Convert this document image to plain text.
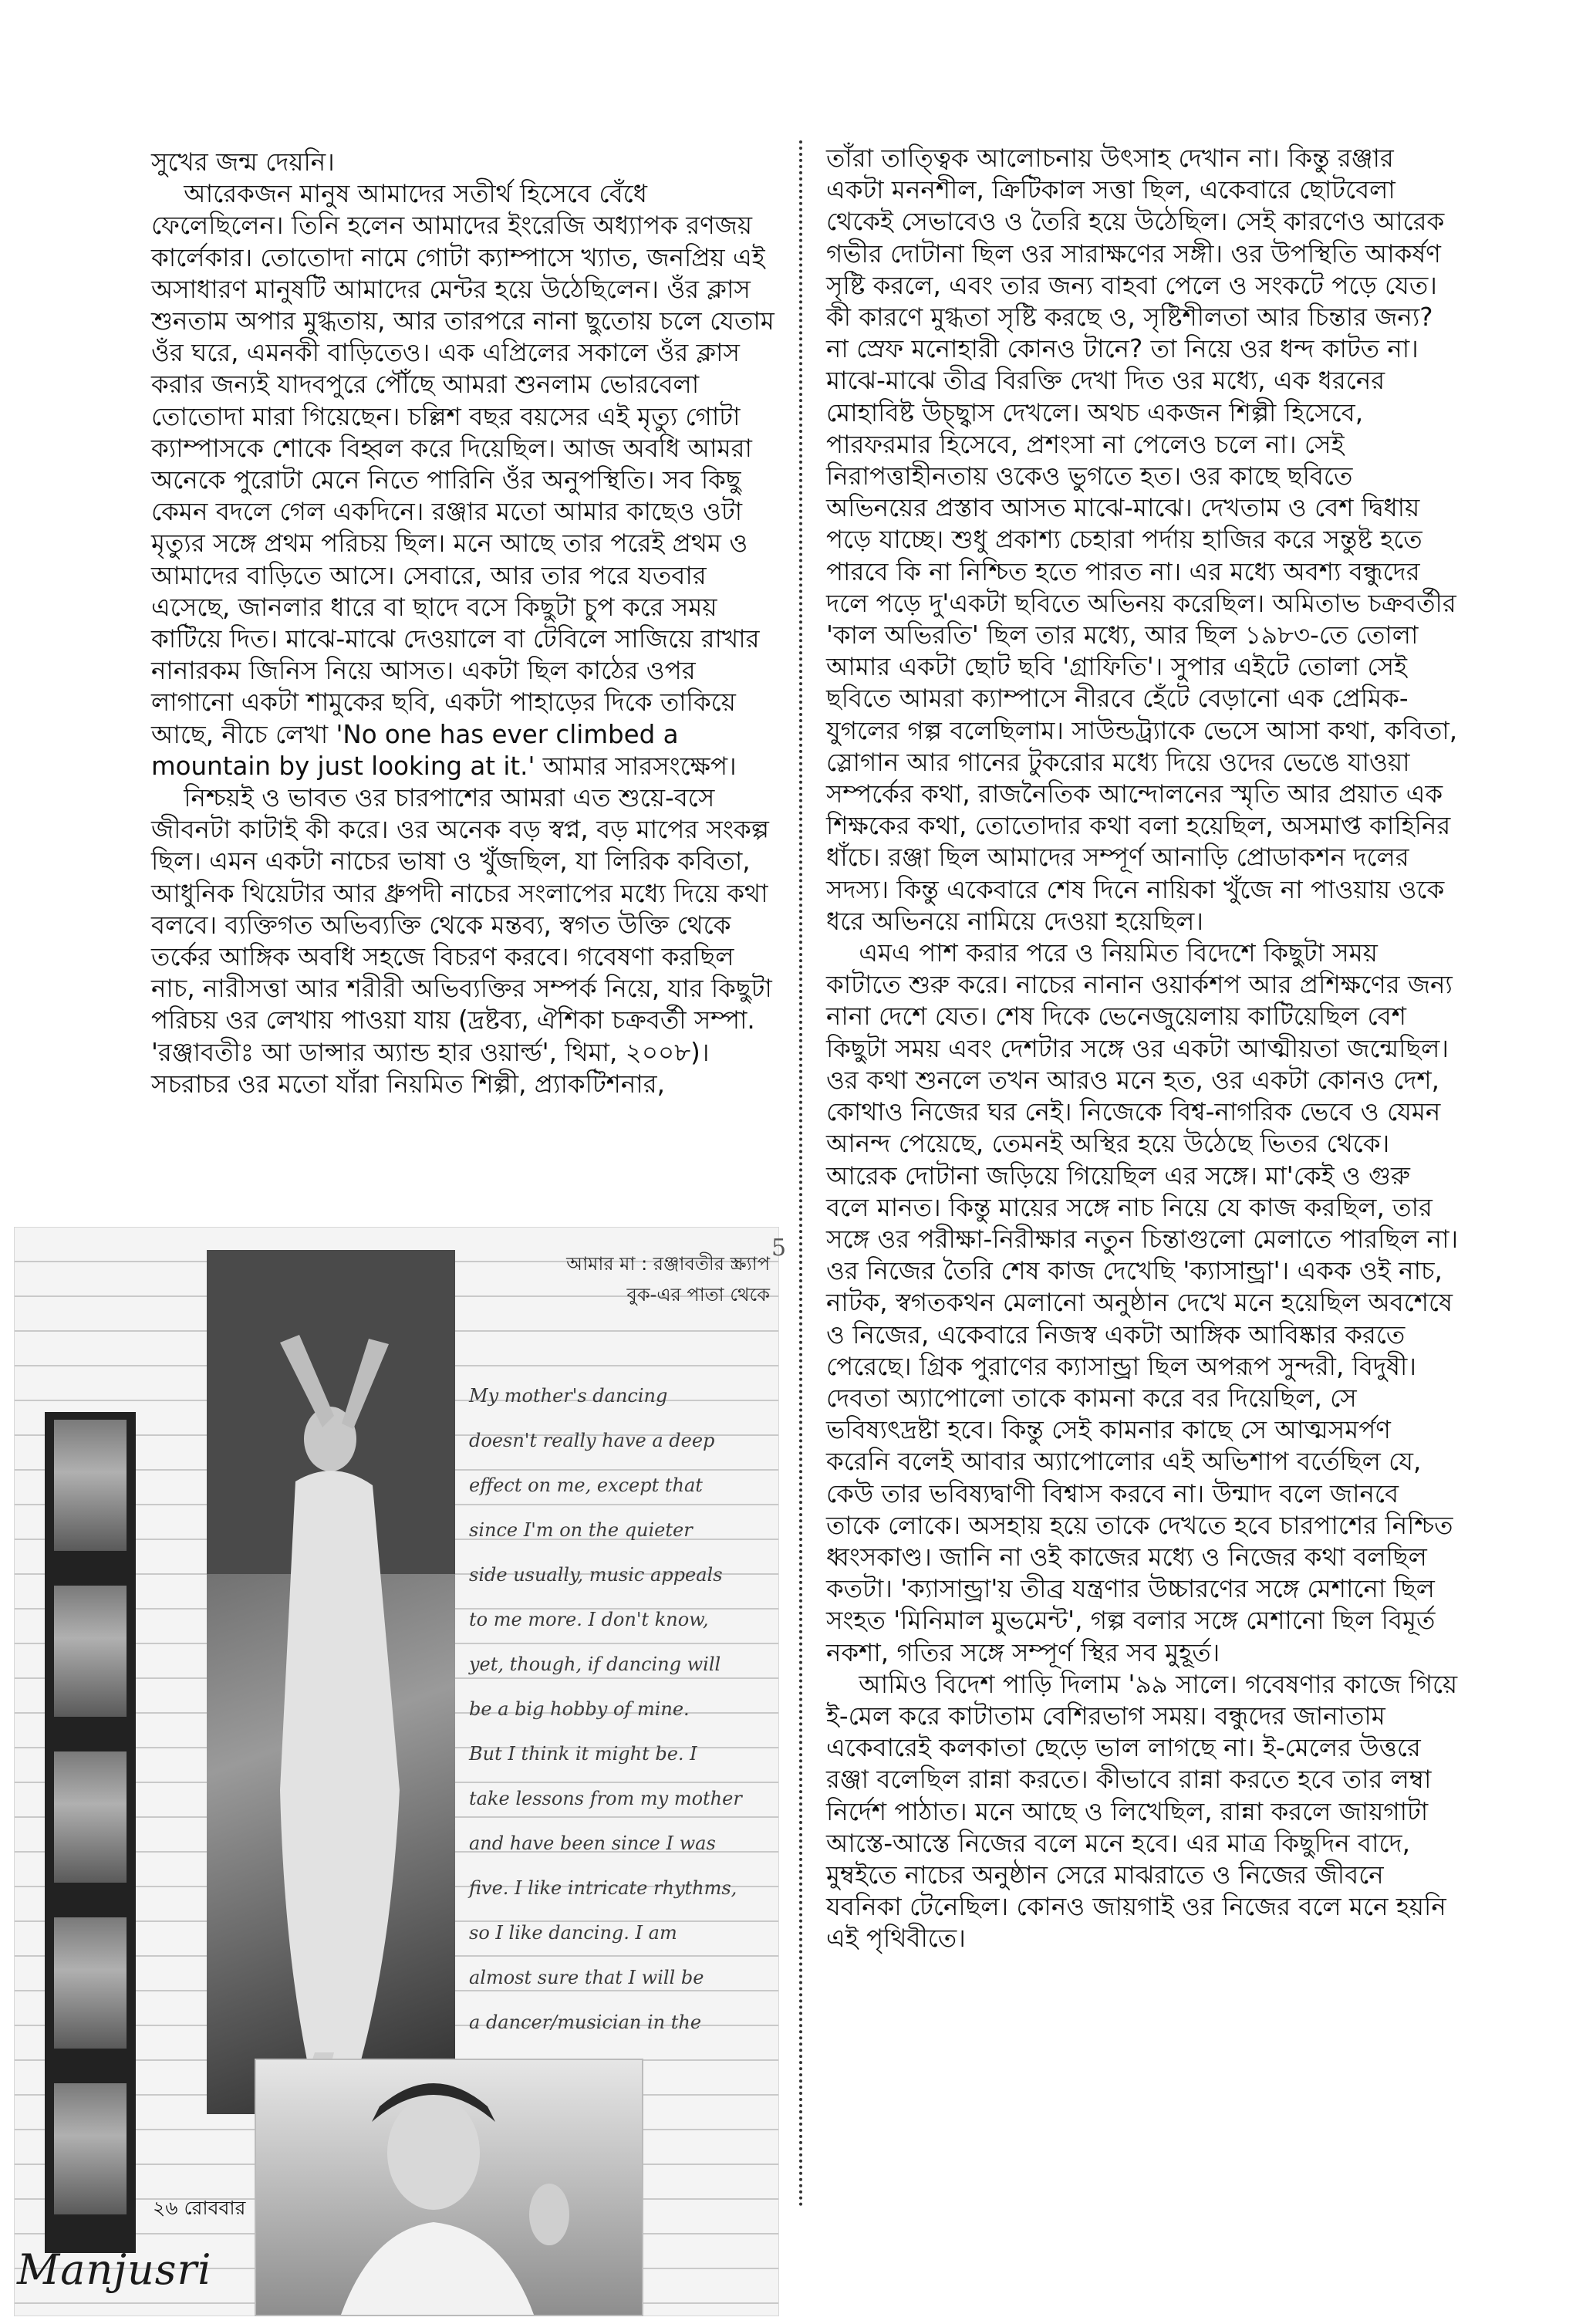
সুখের জন্ম দেয়নি।

আরেকজন মানুষ আমাদের সতীর্থ হিসেবে বেঁধে ফেলেছিলেন। তিনি হলেন আমাদের ইংরেজি অধ্যাপক রণজয় কার্লেকার। তোতোদা নামে গোটা ক্যাম্পাসে খ্যাত, জনপ্রিয় এই অসাধারণ মানুষটি আমাদের মেন্টর হয়ে উঠেছিলেন। ওঁর ক্লাস শুনতাম অপার মুগ্ধতায়, আর তারপরে নানা ছুতোয় চলে যেতাম ওঁর ঘরে, এমনকী বাড়িতেও। এক এপ্রিলের সকালে ওঁর ক্লাস করার জন্যই যাদবপুরে পৌঁছে আমরা শুনলাম ভোরবেলা তোতোদা মারা গিয়েছেন। চল্লিশ বছর বয়সের এই মৃত্যু গোটা ক্যাম্পাসকে শোকে বিহ্বল করে দিয়েছিল। আজ অবধি আমরা অনেকে পুরোটা মেনে নিতে পারিনি ওঁর অনুপস্থিতি। সব কিছু কেমন বদলে গেল একদিনে। রঞ্জার মতো আমার কাছেও ওটা মৃত্যুর সঙ্গে প্রথম পরিচয় ছিল। মনে আছে তার পরেই প্রথম ও আমাদের বাড়িতে আসে। সেবারে, আর তার পরে যতবার এসেছে, জানলার ধারে বা ছাদে বসে কিছুটা চুপ করে সময় কাটিয়ে দিত। মাঝে-মাঝে দেওয়ালে বা টেবিলে সাজিয়ে রাখার নানারকম জিনিস নিয়ে আসত। একটা ছিল কাঠের ওপর লাগানো একটা শামুকের ছবি, একটা পাহাড়ের দিকে তাকিয়ে আছে, নীচে লেখা 'No one has ever climbed a mountain by just looking at it.' আমার সারসংক্ষেপ।

নিশ্চয়ই ও ভাবত ওর চারপাশের আমরা এত শুয়ে-বসে জীবনটা কাটাই কী করে। ওর অনেক বড় স্বপ্ন, বড় মাপের সংকল্প ছিল। এমন একটা নাচের ভাষা ও খুঁজছিল, যা লিরিক কবিতা, আধুনিক থিয়েটার আর ধ্রুপদী নাচের সংলাপের মধ্যে দিয়ে কথা বলবে। ব্যক্তিগত অভিব্যক্তি থেকে মন্তব্য, স্বগত উক্তি থেকে তর্কের আঙ্গিক অবধি সহজে বিচরণ করবে। গবেষণা করছিল নাচ, নারীসত্তা আর শরীরী অভিব্যক্তির সম্পর্ক নিয়ে, যার কিছুটা পরিচয় ওর লেখায় পাওয়া যায় (দ্রষ্টব্য, ঐশিকা চক্রবর্তী সম্পা. 'রঞ্জাবতীঃ আ ডান্সার অ্যান্ড হার ওয়ার্ল্ড', থিমা, ২০০৮)। সচরাচর ওর মতো যাঁরা নিয়মিত শিল্পী, প্র্যাকটিশনার,

তাঁরা তাত্ত্বিক আলোচনায় উৎসাহ দেখান না। কিন্তু রঞ্জার একটা মননশীল, ক্রিটিকাল সত্তা ছিল, একেবারে ছোটবেলা থেকেই সেভাবেও ও তৈরি হয়ে উঠেছিল। সেই কারণেও আরেক গভীর দোটানা ছিল ওর সারাক্ষণের সঙ্গী। ওর উপস্থিতি আকর্ষণ সৃষ্টি করলে, এবং তার জন্য বাহবা পেলে ও সংকটে পড়ে যেত। কী কারণে মুগ্ধতা সৃষ্টি করছে ও, সৃষ্টিশীলতা আর চিন্তার জন্য? না স্রেফ মনোহারী কোনও টানে? তা নিয়ে ওর ধন্দ কাটত না। মাঝে-মাঝে তীব্র বিরক্তি দেখা দিত ওর মধ্যে, এক ধরনের মোহাবিষ্ট উচ্ছ্বাস দেখলে। অথচ একজন শিল্পী হিসেবে, পারফরমার হিসেবে, প্রশংসা না পেলেও চলে না। সেই নিরাপত্তাহীনতায় ওকেও ভুগতে হত। ওর কাছে ছবিতে অভিনয়ের প্রস্তাব আসত মাঝে-মাঝে। দেখতাম ও বেশ দ্বিধায় পড়ে যাচ্ছে। শুধু প্রকাশ্য চেহারা পর্দায় হাজির করে সন্তুষ্ট হতে পারবে কি না নিশ্চিত হতে পারত না। এর মধ্যে অবশ্য বন্ধুদের দলে পড়ে দু'একটা ছবিতে অভিনয় করেছিল। অমিতাভ চক্রবর্তীর 'কাল অভিরতি' ছিল তার মধ্যে, আর ছিল ১৯৮৩-তে তোলা আমার একটা ছোট ছবি 'গ্রাফিতি'। সুপার এইটে তোলা সেই ছবিতে আমরা ক্যাম্পাসে নীরবে হেঁটে বেড়ানো এক প্রেমিক-যুগলের গল্প বলেছিলাম। সাউন্ডট্র্যাকে ভেসে আসা কথা, কবিতা, স্লোগান আর গানের টুকরোর মধ্যে দিয়ে ওদের ভেঙে যাওয়া সম্পর্কের কথা, রাজনৈতিক আন্দোলনের স্মৃতি আর প্রয়াত এক শিক্ষকের কথা, তোতোদার কথা বলা হয়েছিল, অসমাপ্ত কাহিনির ধাঁচে। রঞ্জা ছিল আমাদের সম্পূর্ণ আনাড়ি প্রোডাকশন দলের সদস্য। কিন্তু একেবারে শেষ দিনে নায়িকা খুঁজে না পাওয়ায় ওকে ধরে অভিনয়ে নামিয়ে দেওয়া হয়েছিল।

এমএ পাশ করার পরে ও নিয়মিত বিদেশে কিছুটা সময় কাটাতে শুরু করে। নাচের নানান ওয়ার্কশপ আর প্রশিক্ষণের জন্য নানা দেশে যেত। শেষ দিকে ভেনেজুয়েলায় কাটিয়েছিল বেশ কিছুটা সময় এবং দেশটার সঙ্গে ওর একটা আত্মীয়তা জন্মেছিল। ওর কথা শুনলে তখন আরও মনে হত, ওর একটা কোনও দেশ, কোথাও নিজের ঘর নেই। নিজেকে বিশ্ব-নাগরিক ভেবে ও যেমন আনন্দ পেয়েছে, তেমনই অস্থির হয়ে উঠেছে ভিতর থেকে। আরেক দোটানা জড়িয়ে গিয়েছিল এর সঙ্গে। মা'কেই ও গুরু বলে মানত। কিন্তু মায়ের সঙ্গে নাচ নিয়ে যে কাজ করছিল, তার সঙ্গে ওর পরীক্ষা-নিরীক্ষার নতুন চিন্তাগুলো মেলাতে পারছিল না। ওর নিজের তৈরি শেষ কাজ দেখেছি 'ক্যাসান্ড্রা'। একক ওই নাচ, নাটক, স্বগতকথন মেলানো অনুষ্ঠান দেখে মনে হয়েছিল অবশেষে ও নিজের, একেবারে নিজস্ব একটা আঙ্গিক আবিষ্কার করতে পেরেছে। গ্রিক পুরাণের ক্যাসান্ড্রা ছিল অপরূপ সুন্দরী, বিদুষী। দেবতা অ্যাপোলো তাকে কামনা করে বর দিয়েছিল, সে ভবিষ্যৎদ্রষ্টা হবে। কিন্তু সেই কামনার কাছে সে আত্মসমর্পণ করেনি বলেই আবার অ্যাপোলোর এই অভিশাপ বর্তেছিল যে, কেউ তার ভবিষ্যদ্বাণী বিশ্বাস করবে না। উন্মাদ বলে জানবে তাকে লোকে। অসহায় হয়ে তাকে দেখতে হবে চারপাশের নিশ্চিত ধ্বংসকাণ্ড। জানি না ওই কাজের মধ্যে ও নিজের কথা বলছিল কতটা। 'ক্যাসান্ড্রা'য় তীব্র যন্ত্রণার উচ্চারণের সঙ্গে মেশানো ছিল সংহত 'মিনিমাল মুভমেন্ট', গল্প বলার সঙ্গে মেশানো ছিল বিমূর্ত নকশা, গতির সঙ্গে সম্পূর্ণ স্থির সব মুহূর্ত।

আমিও বিদেশ পাড়ি দিলাম '৯৯ সালে। গবেষণার কাজে গিয়ে ই-মেল করে কাটাতাম বেশিরভাগ সময়। বন্ধুদের জানাতাম একেবারেই কলকাতা ছেড়ে ভাল লাগছে না। ই-মেলের উত্তরে রঞ্জা বলেছিল রান্না করতে। কীভাবে রান্না করতে হবে তার লম্বা নির্দেশ পাঠাত। মনে আছে ও লিখেছিল, রান্না করলে জায়গাটা আস্তে-আস্তে নিজের বলে মনে হবে। এর মাত্র কিছুদিন বাদে, মুম্বইতে নাচের অনুষ্ঠান সেরে মাঝরাতে ও নিজের জীবনে যবনিকা টেনেছিল। কোনও জায়গাই ওর নিজের বলে মনে হয়নি এই পৃথিবীতে।

5
আমার মা : রঞ্জাবতীর স্ক্র্যাপ
বুক-এর পাতা থেকে
My mother's dancing
doesn't really have a deep
effect on me, except that
since I'm on the quieter
side usually, music appeals
to me more. I don't know,
yet, though, if dancing will
be a big hobby of mine.
But I think it might be. I
take lessons from my mother
and have been since I was
five. I like intricate rhythms,
so I like dancing. I am
almost sure that I will be
a dancer/musician in the
২৬ রোববার
Manjusri
